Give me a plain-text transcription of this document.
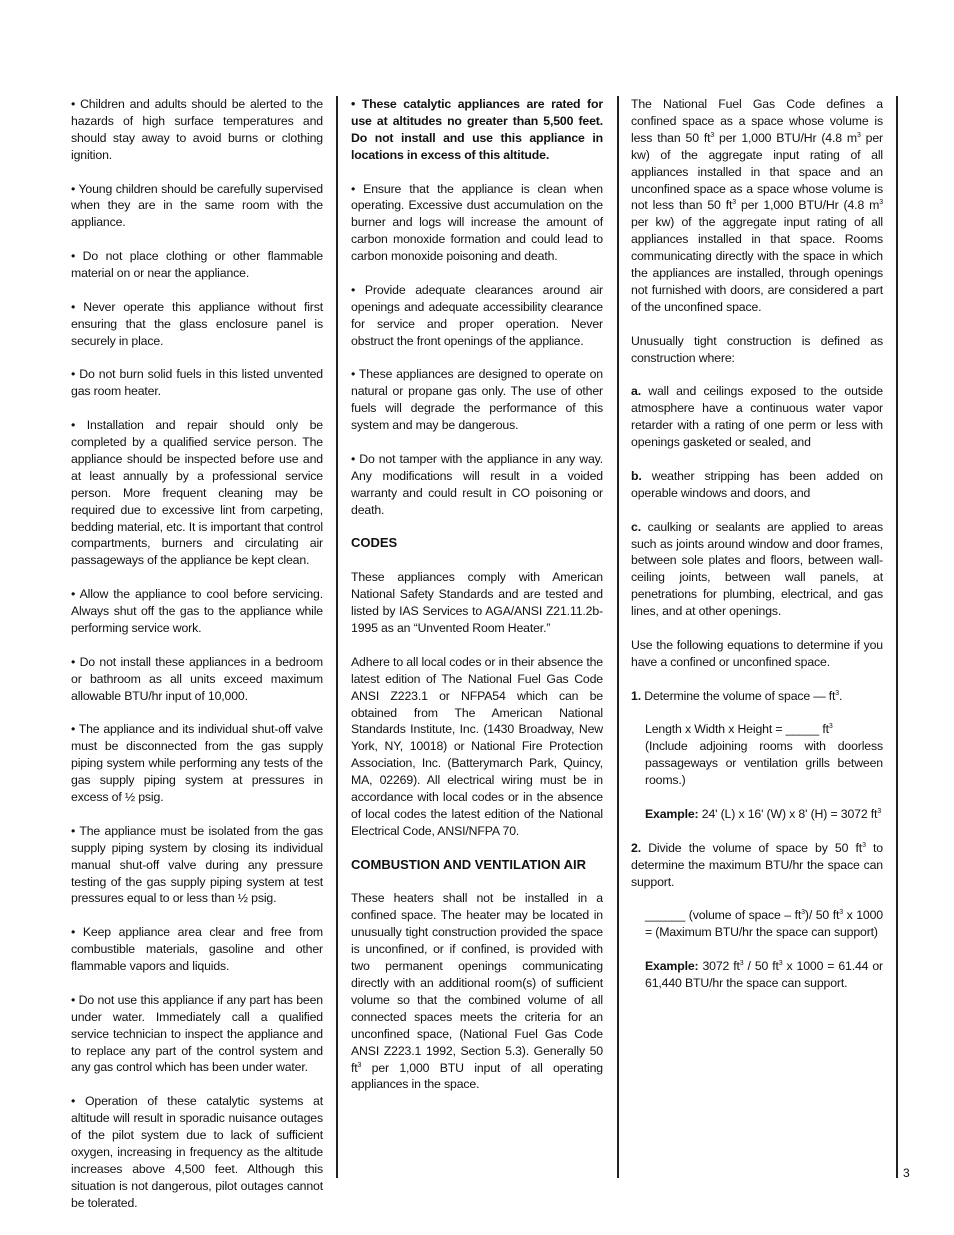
• Children and adults should be alerted to the hazards of high surface temperatures and should stay away to avoid burns or clothing ignition.

• Young children should be carefully supervised when they are in the same room with the appliance.

• Do not place clothing or other flammable material on or near the appliance.

• Never operate this appliance without first ensuring that the glass enclosure panel is securely in place.

• Do not burn solid fuels in this listed unvented gas room heater.

• Installation and repair should only be completed by a qualified service person. The appliance should be inspected before use and at least annually by a professional service person. More frequent cleaning may be required due to excessive lint from carpeting, bedding material, etc. It is important that control compartments, burners and circulating air passageways of the appliance be kept clean.

• Allow the appliance to cool before servicing. Always shut off the gas to the appliance while performing service work.

• Do not install these appliances in a bedroom or bathroom as all units exceed maximum allowable BTU/hr input of 10,000.

• The appliance and its individual shut-off valve must be disconnected from the gas supply piping system while performing any tests of the gas supply piping system at pressures in excess of ½ psig.

• The appliance must be isolated from the gas supply piping system by closing its individual manual shut-off valve during any pressure testing of the gas supply piping system at test pressures equal to or less than ½ psig.

• Keep appliance area clear and free from combustible materials, gasoline and other flammable vapors and liquids.

• Do not use this appliance if any part has been under water. Immediately call a qualified service technician to inspect the appliance and to replace any part of the control system and any gas control which has been under water.

• Operation of these catalytic systems at altitude will result in sporadic nuisance outages of the pilot system due to lack of sufficient oxygen, increasing in frequency as the altitude increases above 4,500 feet. Although this situation is not dangerous, pilot outages cannot be tolerated.

• These catalytic appliances are rated for use at altitudes no greater than 5,500 feet. Do not install and use this appliance in locations in excess of this altitude.

• Ensure that the appliance is clean when operating. Excessive dust accumulation on the burner and logs will increase the amount of carbon monoxide formation and could lead to carbon monoxide poisoning and death.

• Provide adequate clearances around air openings and adequate accessibility clearance for service and proper operation. Never obstruct the front openings of the appliance.

• These appliances are designed to operate on natural or propane gas only. The use of other fuels will degrade the performance of this system and may be dangerous.

• Do not tamper with the appliance in any way. Any modifications will result in a voided warranty and could result in CO poisoning or death.

CODES

These appliances comply with American National Safety Standards and are tested and listed by IAS Services to AGA/ANSI Z21.11.2b-1995 as an “Unvented Room Heater.”

Adhere to all local codes or in their absence the latest edition of The National Fuel Gas Code ANSI Z223.1 or NFPA54 which can be obtained from The American National Standards Institute, Inc. (1430 Broadway, New York, NY, 10018) or National Fire Protection Association, Inc. (Batterymarch Park, Quincy, MA, 02269). All electrical wiring must be in accordance with local codes or in the absence of local codes the latest edition of the National Electrical Code, ANSI/NFPA 70.

COMBUSTION AND VENTILATION AIR

These heaters shall not be installed in a confined space. The heater may be located in unusually tight construction provided the space is unconfined, or if confined, is provided with two permanent openings communicating directly with an additional room(s) of sufficient volume so that the combined volume of all connected spaces meets the criteria for an unconfined space, (National Fuel Gas Code ANSI Z223.1 1992, Section 5.3). Generally 50 $ft^3$ per 1,000 BTU input of all operating appliances in the space.

The National Fuel Gas Code defines a confined space as a space whose volume is less than 50 $ft^3$ per 1,000 BTU/Hr (4.8 $m^3$ per kw) of the aggregate input rating of all appliances installed in that space and an unconfined space as a space whose volume is not less than 50 $ft^3$ per 1,000 BTU/Hr (4.8 $m^3$ per kw) of the aggregate input rating of all appliances installed in that space. Rooms communicating directly with the space in which the appliances are installed, through openings not furnished with doors, are considered a part of the unconfined space.

Unusually tight construction is defined as construction where:

a. wall and ceilings exposed to the outside atmosphere have a continuous water vapor retarder with a rating of one perm or less with openings gasketed or sealed, and

b. weather stripping has been added on operable windows and doors, and

c. caulking or sealants are applied to areas such as joints around window and door frames, between sole plates and floors, between wall-ceiling joints, between wall panels, at penetrations for plumbing, electrical, and gas lines, and at other openings.

Use the following equations to determine if you have a confined or unconfined space.

1. Determine the volume of space — $ft^3$.

Length x Width x Height = _____ $ft^3$
(Include adjoining rooms with doorless passageways or ventilation grills between rooms.)

Example: 24' (L) x 16' (W) x 8' (H) = 3072 $ft^3$

2. Divide the volume of space by 50 $ft^3$ to determine the maximum BTU/hr the space can support.

______ (volume of space – $ft^3)/$ 50 $ft^3$ x 1000 = (Maximum BTU/hr the space can support)

Example: 3072 $ft^3 / 50$ $ft^3$ x 1000 = 61.44 or 61,440 BTU/hr the space can support.

3
